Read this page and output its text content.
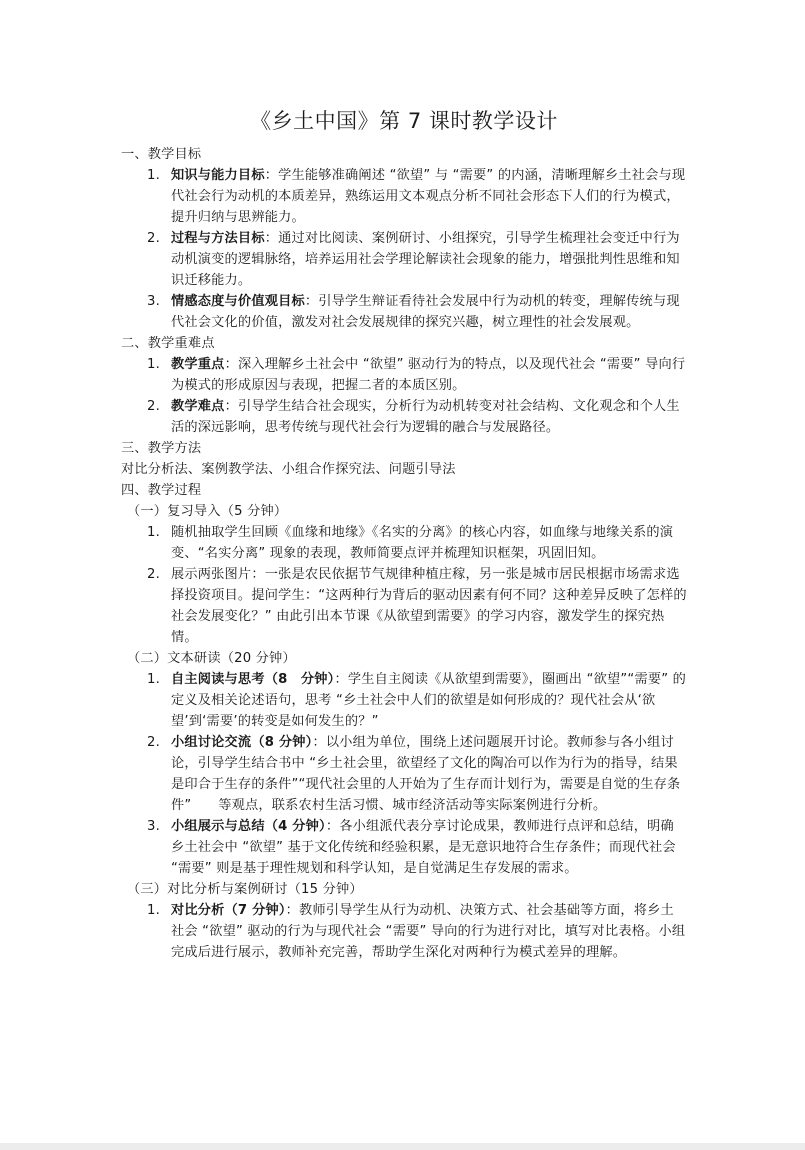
《乡土中国》第 7 课时教学设计

一、教学目标

1. 知识与能力目标：学生能够准确阐述 “欲望” 与 “需要” 的内涵，清晰理解乡土社会与现代社会行为动机的本质差异，熟练运用文本观点分析不同社会形态下人们的行为模式，提升归纳与思辨能力。
2. 过程与方法目标：通过对比阅读、案例研讨、小组探究，引导学生梳理社会变迁中行为动机演变的逻辑脉络，培养运用社会学理论解读社会现象的能力，增强批判性思维和知识迁移能力。
3. 情感态度与价值观目标：引导学生辩证看待社会发展中行为动机的转变，理解传统与现代社会文化的价值，激发对社会发展规律的探究兴趣，树立理性的社会发展观。

二、教学重难点

1. 教学重点：深入理解乡土社会中 “欲望” 驱动行为的特点，以及现代社会 “需要” 导向行为模式的形成原因与表现，把握二者的本质区别。
2. 教学难点：引导学生结合社会现实，分析行为动机转变对社会结构、文化观念和个人生活的深远影响，思考传统与现代社会行为逻辑的融合与发展路径。

三、教学方法

对比分析法、案例教学法、小组合作探究法、问题引导法

四、教学过程

（一）复习导入（5 分钟）

1. 随机抽取学生回顾《血缘和地缘》《名实的分离》的核心内容，如血缘与地缘关系的演变、“名实分离” 现象的表现，教师简要点评并梳理知识框架，巩固旧知。
2. 展示两张图片：一张是农民依据节气规律种植庄稼，另一张是城市居民根据市场需求选择投资项目。提问学生：“这两种行为背后的驱动因素有何不同？这种差异反映了怎样的社会发展变化？” 由此引出本节课《从欲望到需要》的学习内容，激发学生的探究热情。

（二）文本研读（20 分钟）

1. 自主阅读与思考（8　分钟）：学生自主阅读《从欲望到需要》，圈画出 “欲望”“需要” 的定义及相关论述语句，思考 “乡土社会中人们的欲望是如何形成的？现代社会从‘欲望’到‘需要’的转变是如何发生的？”
2. 小组讨论交流（8 分钟）：以小组为单位，围绕上述问题展开讨论。教师参与各小组讨论，引导学生结合书中 “乡土社会里，欲望经了文化的陶冶可以作为行为的指导，结果是印合于生存的条件”“现代社会里的人开始为了生存而计划行为，需要是自觉的生存条件”　　等观点，联系农村生活习惯、城市经济活动等实际案例进行分析。
3. 小组展示与总结（4 分钟）：各小组派代表分享讨论成果，教师进行点评和总结，明确乡土社会中 “欲望” 基于文化传统和经验积累，是无意识地符合生存条件；而现代社会 “需要” 则是基于理性规划和科学认知，是自觉满足生存发展的需求。

（三）对比分析与案例研讨（15 分钟）

1. 对比分析（7 分钟）：教师引导学生从行为动机、决策方式、社会基础等方面，将乡土社会 “欲望” 驱动的行为与现代社会 “需要” 导向的行为进行对比，填写对比表格。小组完成后进行展示，教师补充完善，帮助学生深化对两种行为模式差异的理解。
